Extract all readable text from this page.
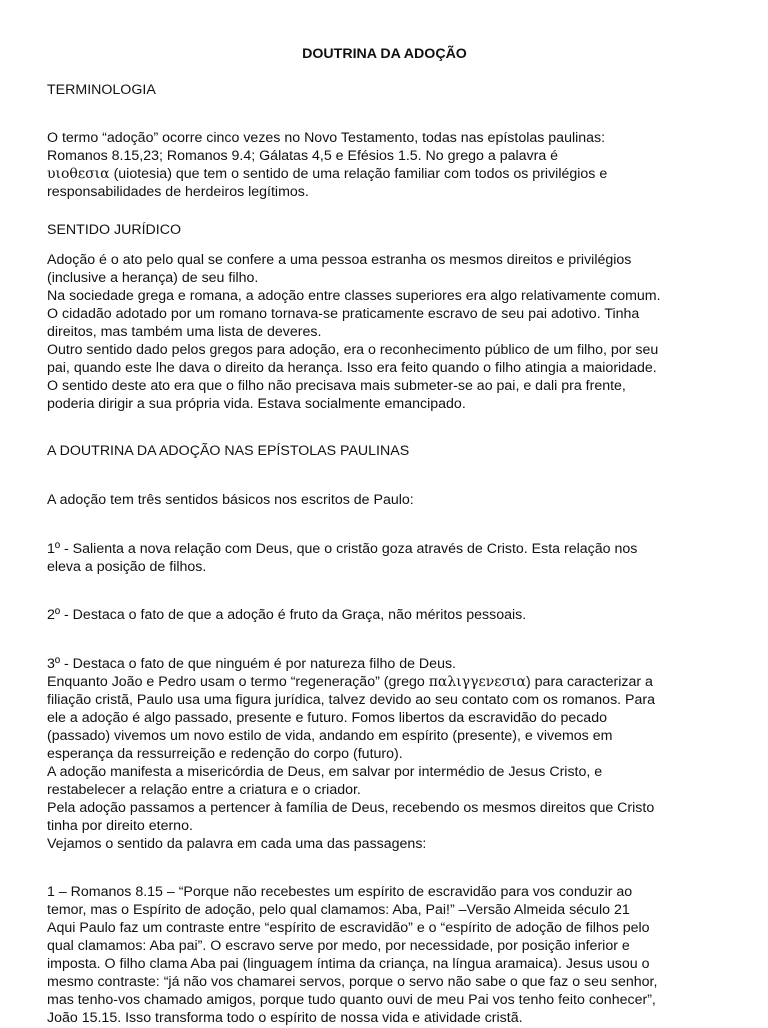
DOUTRINA DA ADOÇÃO
TERMINOLOGIA
O termo “adoção” ocorre cinco vezes no Novo Testamento, todas nas epístolas paulinas:
Romanos 8.15,23; Romanos 9.4; Gálatas 4,5 e Efésios 1.5. No grego a palavra é
υιοθεσια (uiotesia) que tem o sentido de uma relação familiar com todos os privilégios e
responsabilidades de herdeiros legítimos.
SENTIDO JURÍDICO
Adoção é o ato pelo qual se confere a uma pessoa estranha os mesmos direitos e privilégios
(inclusive a herança) de seu filho.
Na sociedade grega e romana, a adoção entre classes superiores era algo relativamente comum.
O cidadão adotado por um romano tornava-se praticamente escravo de seu pai adotivo. Tinha
direitos, mas também uma lista de deveres.
Outro sentido dado pelos gregos para adoção, era o reconhecimento público de um filho, por seu
pai, quando este lhe dava o direito da herança. Isso era feito quando o filho atingia a maioridade.
O sentido deste ato era que o filho não precisava mais submeter-se ao pai, e dali pra frente,
poderia dirigir a sua própria vida. Estava socialmente emancipado.
A DOUTRINA DA ADOÇÃO NAS EPÍSTOLAS PAULINAS
A adoção tem três sentidos básicos nos escritos de Paulo:
1º - Salienta a nova relação com Deus, que o cristão goza através de Cristo. Esta relação nos
eleva a posição de filhos.
2º - Destaca o fato de que a adoção é fruto da Graça, não méritos pessoais.
3º - Destaca o fato de que ninguém é por natureza filho de Deus.
Enquanto João e Pedro usam o termo “regeneração” (grego παλιγγενεσια) para caracterizar a
filiação cristã, Paulo usa uma figura jurídica, talvez devido ao seu contato com os romanos. Para
ele a adoção é algo passado, presente e futuro. Fomos libertos da escravidão do pecado
(passado) vivemos um novo estilo de vida, andando em espírito (presente), e vivemos em
esperança da ressurreição e redenção do corpo (futuro).
A adoção manifesta a misericórdia de Deus, em salvar por intermédio de Jesus Cristo, e
restabelecer a relação entre a criatura e o criador.
Pela adoção passamos a pertencer à família de Deus, recebendo os mesmos direitos que Cristo
tinha por direito eterno.
Vejamos o sentido da palavra em cada uma das passagens:
1 – Romanos 8.15 – “Porque não recebestes um espírito de escravidão para vos conduzir ao
temor, mas o Espírito de adoção, pelo qual clamamos: Aba, Pai!” –Versão Almeida século 21
Aqui Paulo faz um contraste entre “espírito de escravidão” e o “espírito de adoção de filhos pelo
qual clamamos: Aba pai”. O escravo serve por medo, por necessidade, por posição inferior e
imposta. O filho clama Aba pai (linguagem íntima da criança, na língua aramaica). Jesus usou o
mesmo contraste: “já não vos chamarei servos, porque o servo não sabe o que faz o seu senhor,
mas tenho-vos chamado amigos, porque tudo quanto ouvi de meu Pai vos tenho feito conhecer”,
João 15.15. Isso transforma todo o espírito de nossa vida e atividade cristã.
